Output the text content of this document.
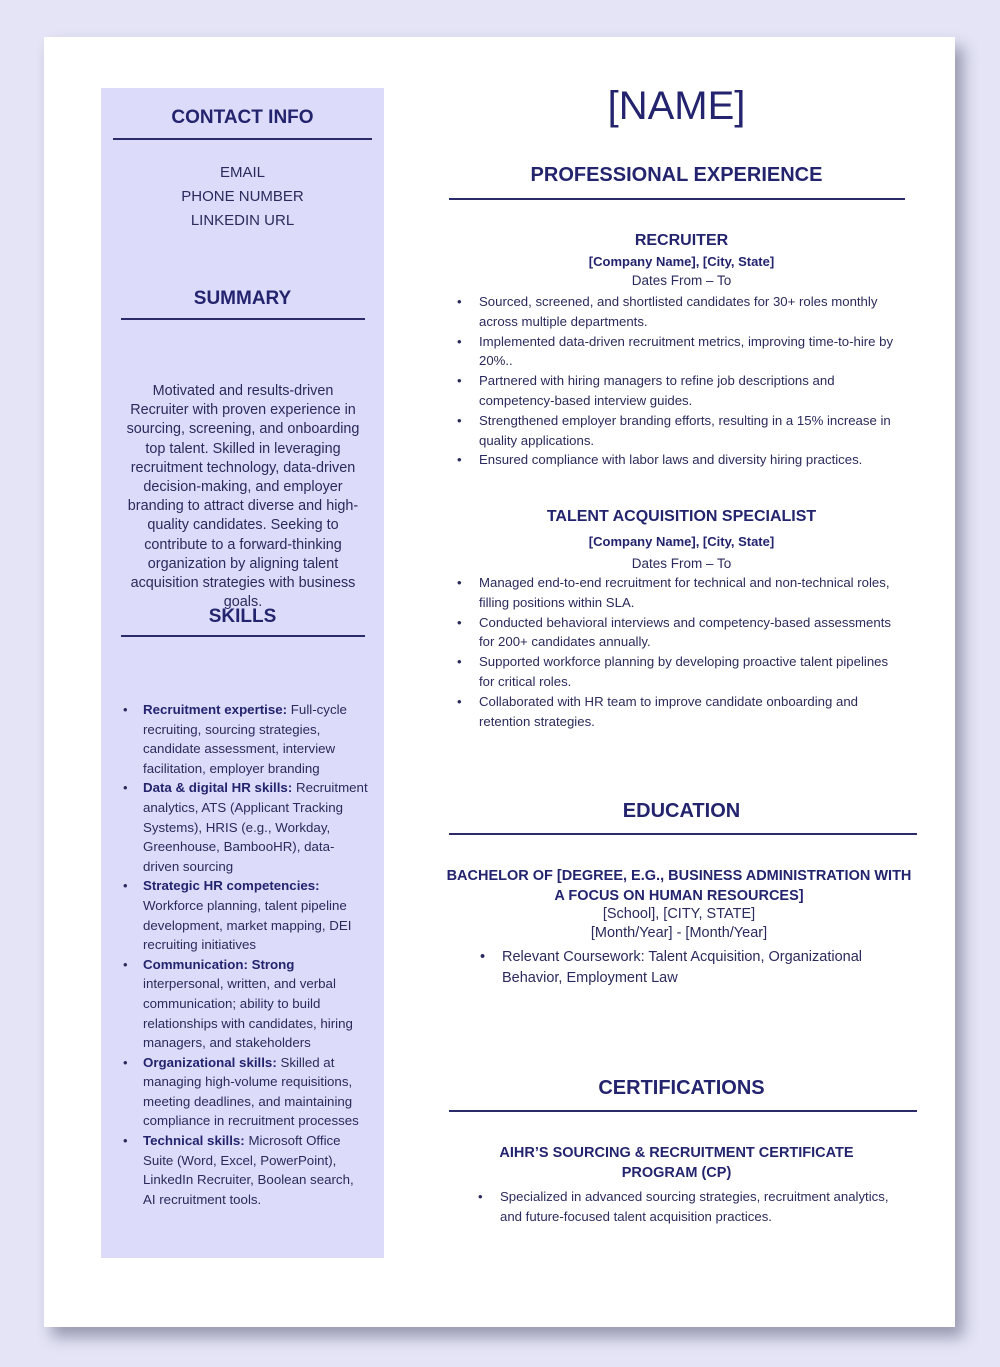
CONTACT INFO
EMAIL
PHONE NUMBER
LINKEDIN URL
SUMMARY
Motivated and results-driven Recruiter with proven experience in sourcing, screening, and onboarding top talent. Skilled in leveraging recruitment technology, data-driven decision-making, and employer branding to attract diverse and high-quality candidates. Seeking to contribute to a forward-thinking organization by aligning talent acquisition strategies with business goals.
SKILLS
• Recruitment expertise: Full-cycle recruiting, sourcing strategies, candidate assessment, interview facilitation, employer branding
• Data & digital HR skills: Recruitment analytics, ATS (Applicant Tracking Systems), HRIS (e.g., Workday, Greenhouse, BambooHR), data-driven sourcing
• Strategic HR competencies: Workforce planning, talent pipeline development, market mapping, DEI recruiting initiatives
• Communication: Strong interpersonal, written, and verbal communication; ability to build relationships with candidates, hiring managers, and stakeholders
• Organizational skills: Skilled at managing high-volume requisitions, meeting deadlines, and maintaining compliance in recruitment processes
• Technical skills: Microsoft Office Suite (Word, Excel, PowerPoint), LinkedIn Recruiter, Boolean search, AI recruitment tools.
[NAME]
PROFESSIONAL EXPERIENCE
RECRUITER
[Company Name], [City, State]
Dates From – To
• Sourced, screened, and shortlisted candidates for 30+ roles monthly across multiple departments.
• Implemented data-driven recruitment metrics, improving time-to-hire by 20%..
• Partnered with hiring managers to refine job descriptions and competency-based interview guides.
• Strengthened employer branding efforts, resulting in a 15% increase in quality applications.
• Ensured compliance with labor laws and diversity hiring practices.
TALENT ACQUISITION SPECIALIST
[Company Name], [City, State]
Dates From – To
• Managed end-to-end recruitment for technical and non-technical roles, filling positions within SLA.
• Conducted behavioral interviews and competency-based assessments for 200+ candidates annually.
• Supported workforce planning by developing proactive talent pipelines for critical roles.
• Collaborated with HR team to improve candidate onboarding and retention strategies.
EDUCATION
BACHELOR OF [DEGREE, E.G., BUSINESS ADMINISTRATION WITH A FOCUS ON HUMAN RESOURCES]
[School], [CITY, STATE]
[Month/Year] - [Month/Year]
• Relevant Coursework: Talent Acquisition, Organizational Behavior, Employment Law
CERTIFICATIONS
AIHR’S SOURCING & RECRUITMENT CERTIFICATE PROGRAM (CP)
• Specialized in advanced sourcing strategies, recruitment analytics, and future-focused talent acquisition practices.
